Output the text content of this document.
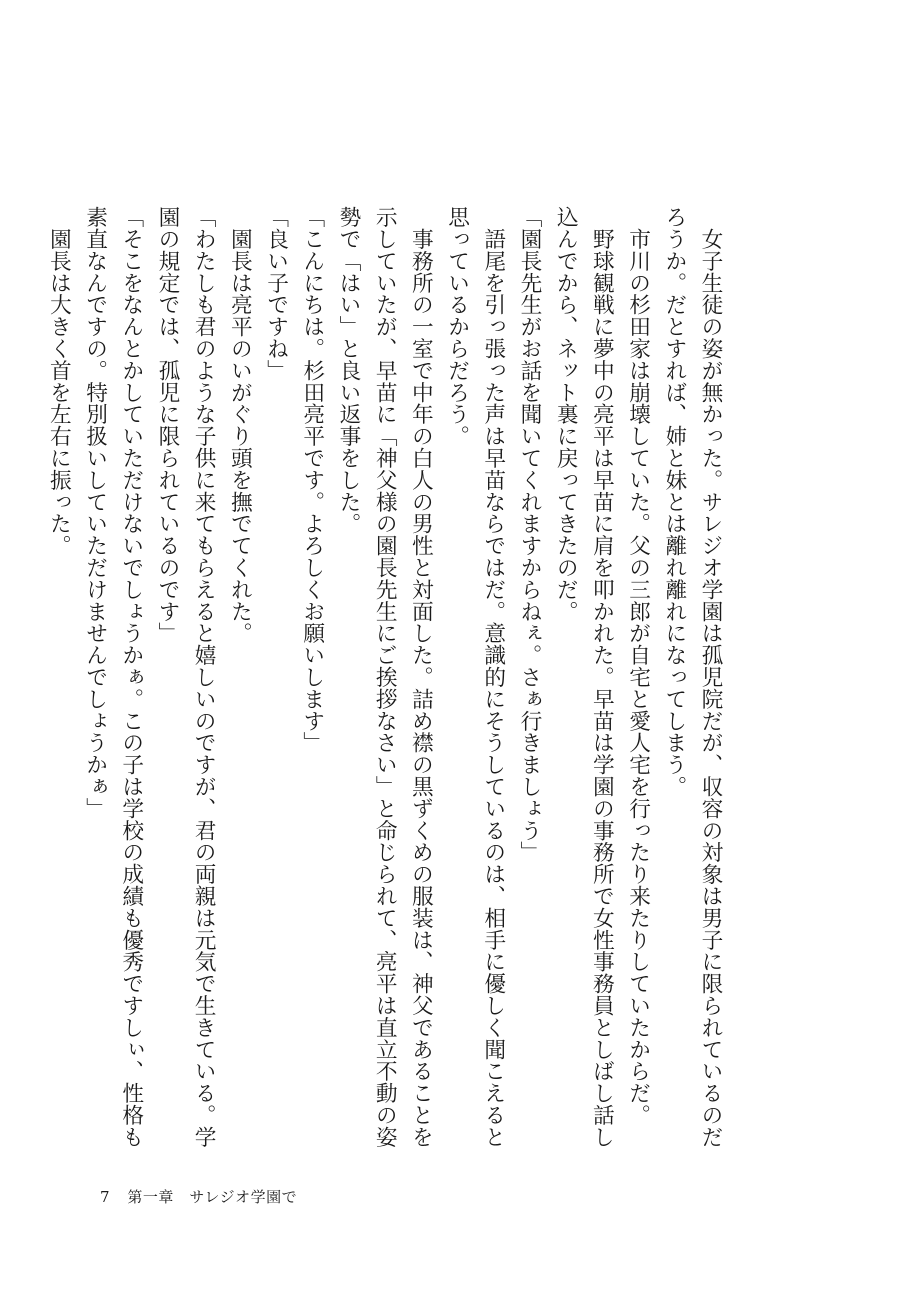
　女子生徒の姿が無かった。サレジオ学園は孤児院だが、収容の対象は男子に限られているのだ

ろうか。だとすれば、姉と妹とは離れ離れになってしまう。

　市川の杉田家は崩壊していた。父の三郎が自宅と愛人宅を行ったり来たりしていたからだ。

　野球観戦に夢中の亮平は早苗に肩を叩かれた。早苗は学園の事務所で女性事務員としばし話し

込んでから、ネット裏に戻ってきたのだ。

「園長先生がお話を聞いてくれますからねぇ。さぁ行きましょう」

　語尾を引っ張った声は早苗ならではだ。意識的にそうしているのは、相手に優しく聞こえると

思っているからだろう。

　事務所の一室で中年の白人の男性と対面した。詰め襟の黒ずくめの服装は、神父であることを

示していたが、早苗に「神父様の園長先生にご挨拶なさい」と命じられて、亮平は直立不動の姿

勢で「はい」と良い返事をした。

「こんにちは。杉田亮平です。よろしくお願いします」

「良い子ですね」

　園長は亮平のいがぐり頭を撫でてくれた。

「わたしも君のような子供に来てもらえると嬉しいのですが、君の両親は元気で生きている。学

園の規定では、孤児に限られているのです」

「そこをなんとかしていただけないでしょうかぁ。この子は学校の成績も優秀ですしぃ、性格も

素直なんですの。特別扱いしていただけませんでしょうかぁ」

　園長は大きく首を左右に振った。

7 第一章　サレジオ学園で
